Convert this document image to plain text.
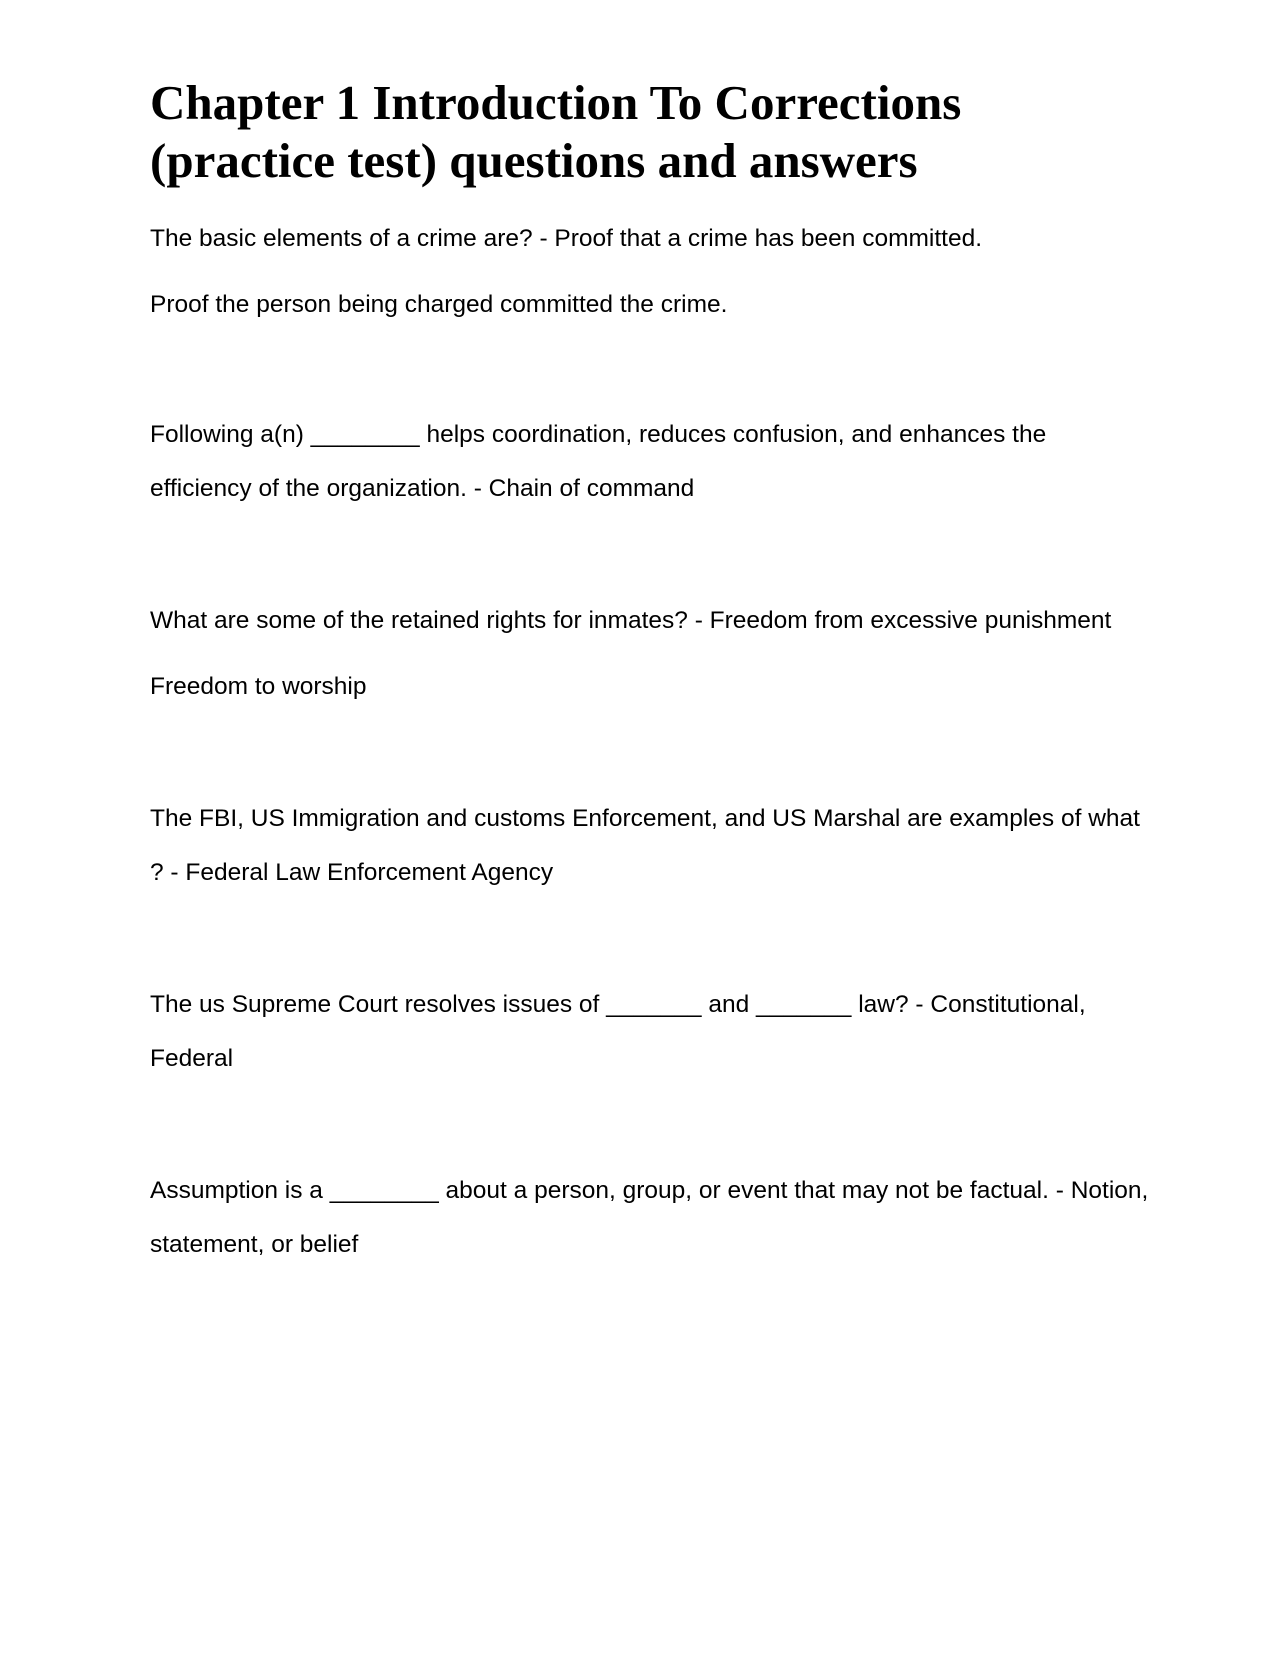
Chapter 1 Introduction To Corrections (practice test) questions and answers

The basic elements of a crime are? - Proof that a crime has been committed.

Proof the person being charged committed the crime.

Following a(n) ________ helps coordination, reduces confusion, and enhances the efficiency of the organization. - Chain of command

What are some of the retained rights for inmates? - Freedom from excessive punishment

Freedom to worship

The FBI, US Immigration and customs Enforcement, and US Marshal are examples of what ? - Federal Law Enforcement Agency

The us Supreme Court resolves issues of _______ and _______ law? - Constitutional, Federal

Assumption is a ________ about a person, group, or event that may not be factual. - Notion, statement, or belief
